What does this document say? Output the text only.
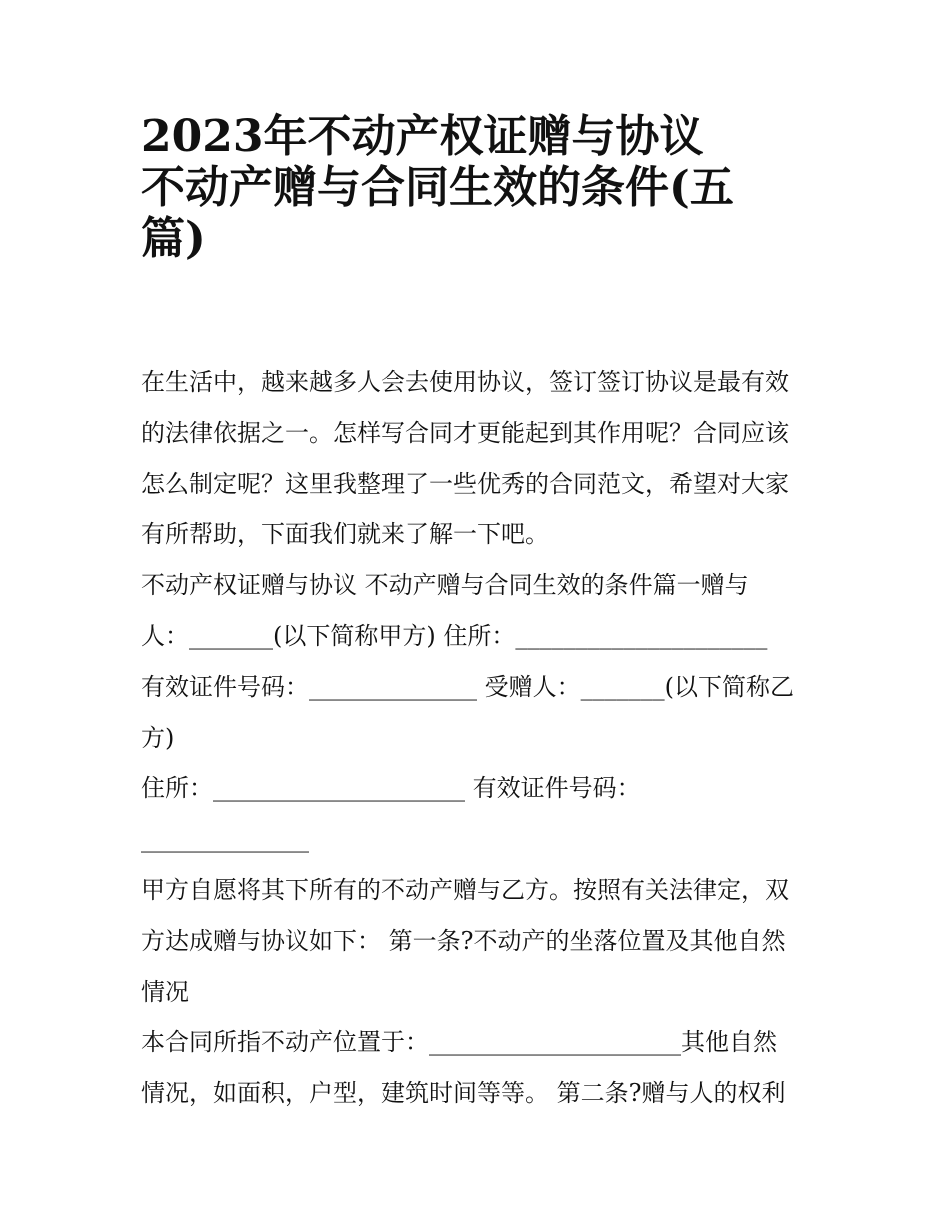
2023年不动产权证赠与协议
不动产赠与合同生效的条件(五
篇)
在生活中，越来越多人会去使用协议，签订签订协议是最有效
的法律依据之一。怎样写合同才更能起到其作用呢？合同应该
怎么制定呢？这里我整理了一些优秀的合同范文，希望对大家
有所帮助，下面我们就来了解一下吧。
不动产权证赠与协议 不动产赠与合同生效的条件篇一赠与
人：_______(以下简称甲方) 住所：_____________________
有效证件号码：______________ 受赠人：_______(以下简称乙
方)
住所：_____________________ 有效证件号码：
______________
甲方自愿将其下所有的不动产赠与乙方。按照有关法律定，双
方达成赠与协议如下： 第一条?不动产的坐落位置及其他自然
情况
本合同所指不动产位置于：_____________________其他自然
情况，如面积，户型，建筑时间等等。 第二条?赠与人的权利
